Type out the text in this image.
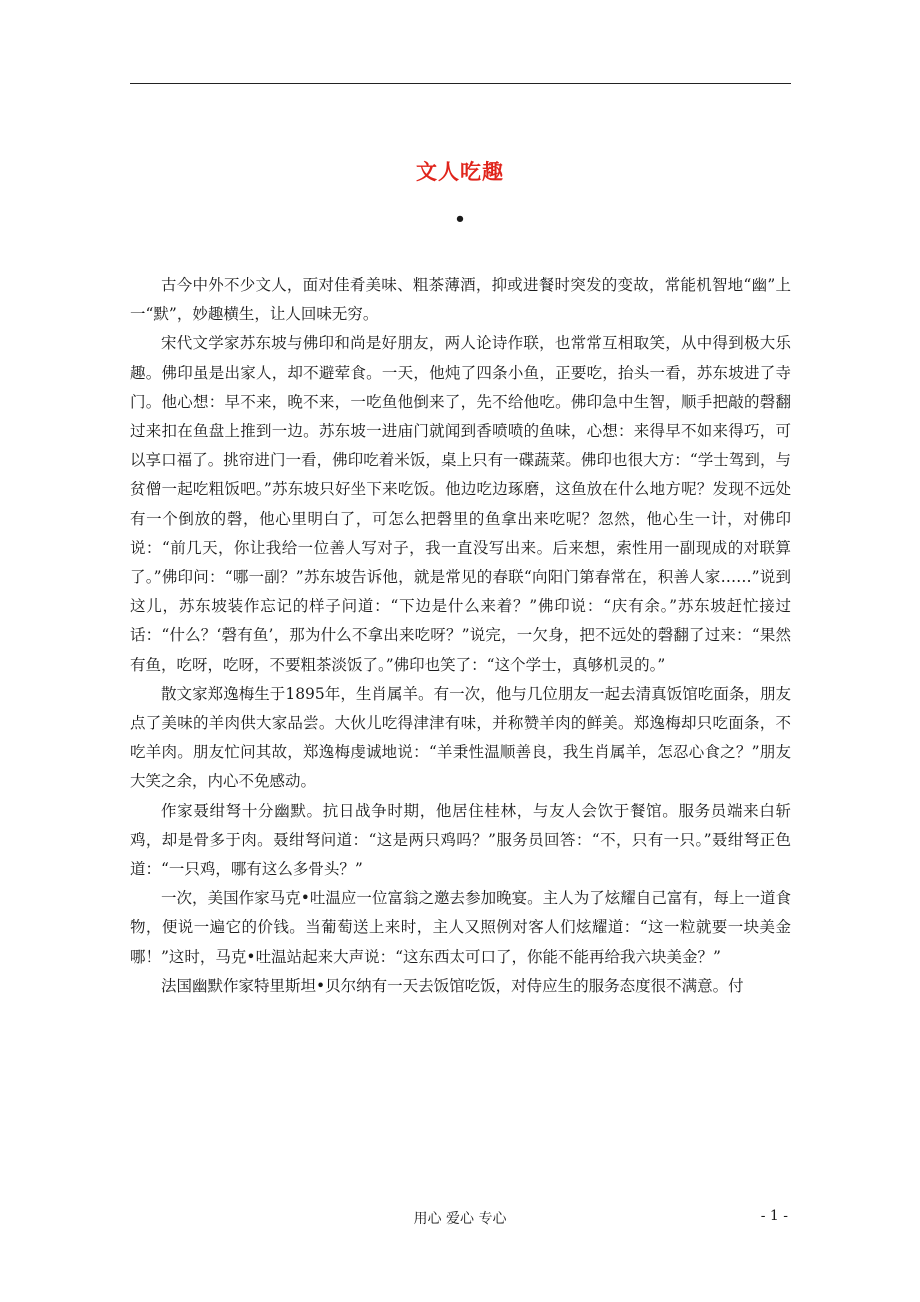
文人吃趣
•

古今中外不少文人，面对佳肴美味、粗茶薄酒，抑或进餐时突发的变故，常能机智地“幽”上一“默”，妙趣横生，让人回味无穷。

宋代文学家苏东坡与佛印和尚是好朋友，两人论诗作联，也常常互相取笑，从中得到极大乐趣。佛印虽是出家人，却不避荤食。一天，他炖了四条小鱼，正要吃，抬头一看，苏东坡进了寺门。他心想：早不来，晚不来，一吃鱼他倒来了，先不给他吃。佛印急中生智，顺手把敲的磬翻过来扣在鱼盘上推到一边。苏东坡一进庙门就闻到香喷喷的鱼味，心想：来得早不如来得巧，可以享口福了。挑帘进门一看，佛印吃着米饭，桌上只有一碟蔬菜。佛印也很大方：“学士驾到，与贫僧一起吃粗饭吧。”苏东坡只好坐下来吃饭。他边吃边琢磨，这鱼放在什么地方呢？发现不远处有一个倒放的磬，他心里明白了，可怎么把磬里的鱼拿出来吃呢？忽然，他心生一计，对佛印说：“前几天，你让我给一位善人写对子，我一直没写出来。后来想，索性用一副现成的对联算了。”佛印问：“哪一副？”苏东坡告诉他，就是常见的春联“向阳门第春常在，积善人家……”说到这儿，苏东坡装作忘记的样子问道：“下边是什么来着？”佛印说：“庆有余。”苏东坡赶忙接过话：“什么？‘磬有鱼’，那为什么不拿出来吃呀？”说完，一欠身，把不远处的磬翻了过来：“果然有鱼，吃呀，吃呀，不要粗茶淡饭了。”佛印也笑了：“这个学士，真够机灵的。”

散文家郑逸梅生于1895年，生肖属羊。有一次，他与几位朋友一起去清真饭馆吃面条，朋友点了美味的羊肉供大家品尝。大伙儿吃得津津有味，并称赞羊肉的鲜美。郑逸梅却只吃面条，不吃羊肉。朋友忙问其故，郑逸梅虔诚地说：“羊秉性温顺善良，我生肖属羊，怎忍心食之？”朋友大笑之余，内心不免感动。

作家聂绀弩十分幽默。抗日战争时期，他居住桂林，与友人会饮于餐馆。服务员端来白斩鸡，却是骨多于肉。聂绀弩问道：“这是两只鸡吗？”服务员回答：“不，只有一只。”聂绀弩正色道：“一只鸡，哪有这么多骨头？”

一次，美国作家马克•吐温应一位富翁之邀去参加晚宴。主人为了炫耀自己富有，每上一道食物，便说一遍它的价钱。当葡萄送上来时，主人又照例对客人们炫耀道：“这一粒就要一块美金哪！”这时，马克•吐温站起来大声说：“这东西太可口了，你能不能再给我六块美金？”

法国幽默作家特里斯坦•贝尔纳有一天去饭馆吃饭，对侍应生的服务态度很不满意。付

用心 爱心 专心	- 1 -
